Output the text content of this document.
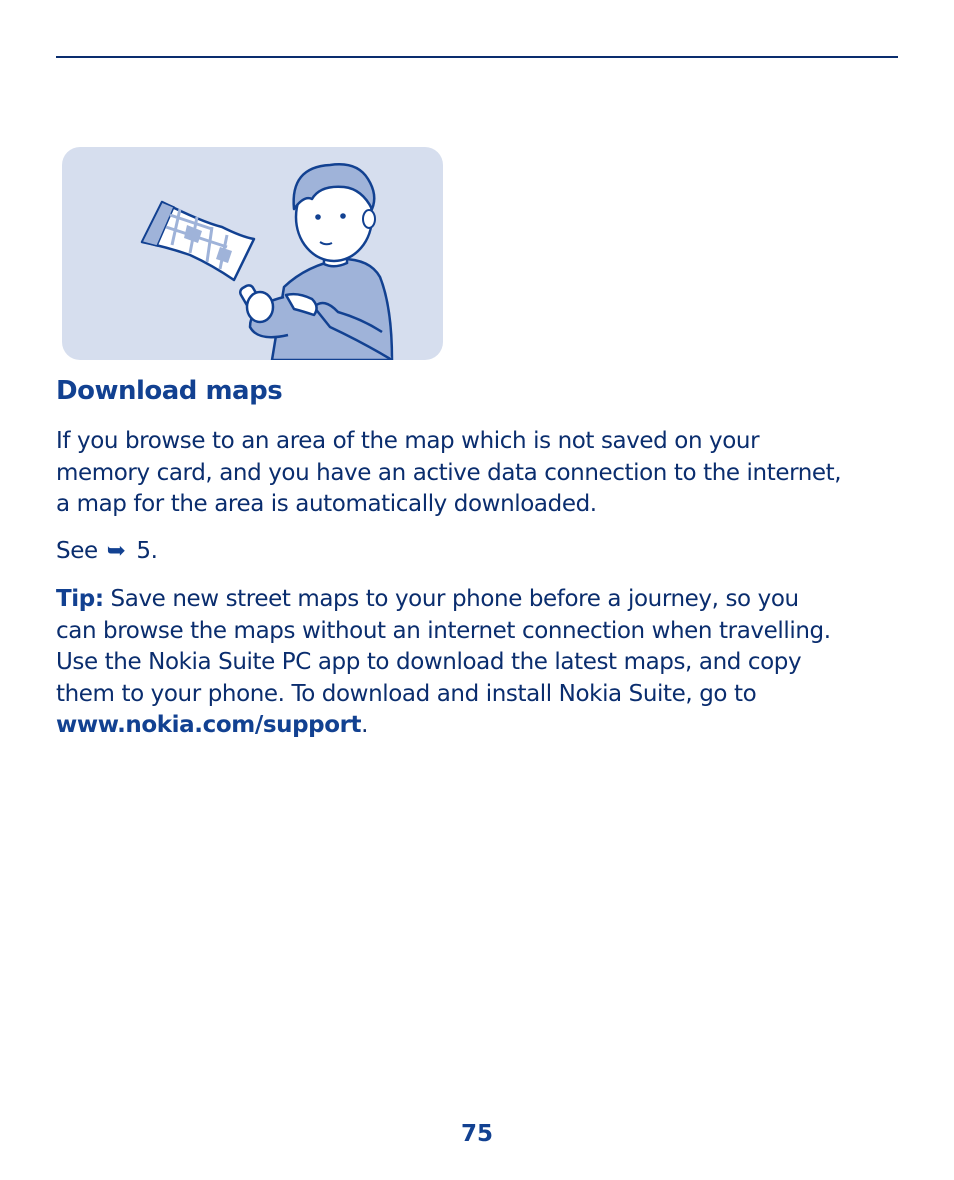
Download maps

If you browse to an area of the map which is not saved on your
memory card, and you have an active data connection to the internet,
a map for the area is automatically downloaded.

See ➥ 5.

Tip: Save new street maps to your phone before a journey, so you
can browse the maps without an internet connection when travelling.
Use the Nokia Suite PC app to download the latest maps, and copy
them to your phone. To download and install Nokia Suite, go to
www.nokia.com/support.

75
